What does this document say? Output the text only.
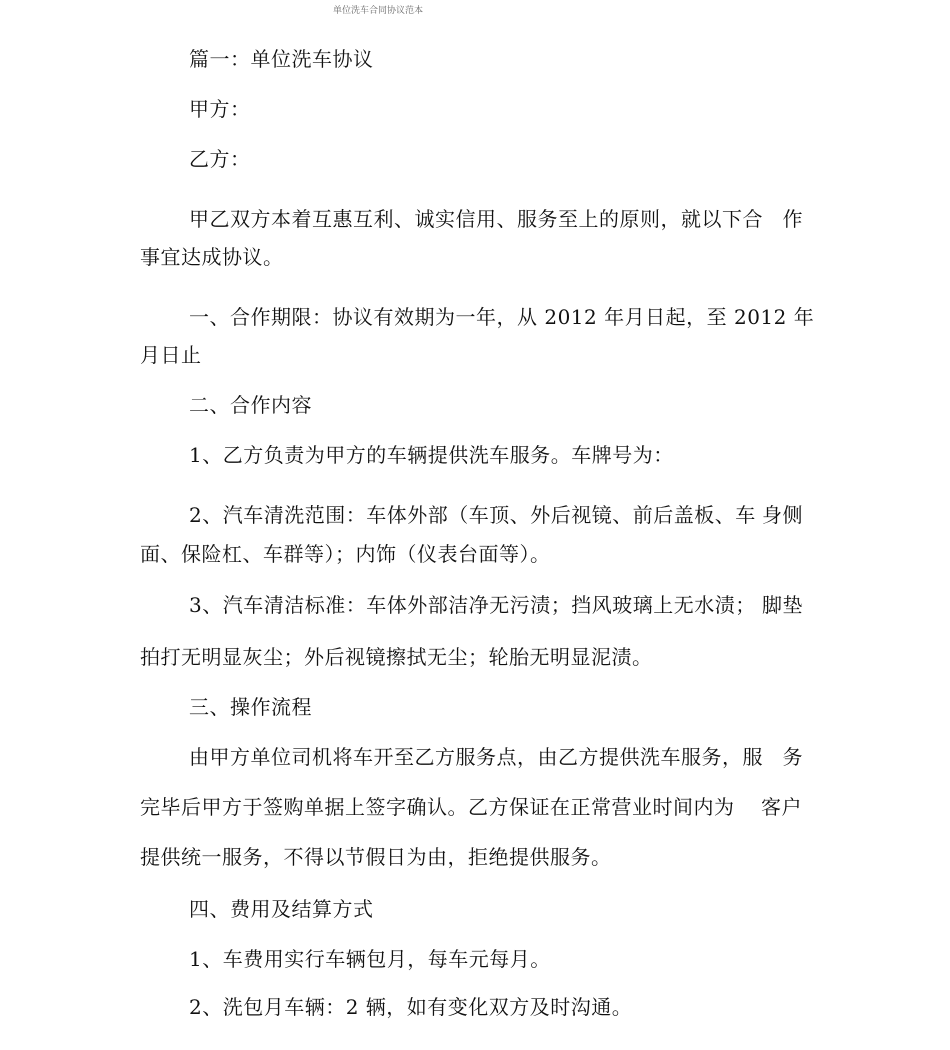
单位洗车合同协议范本
篇一：单位洗车协议
甲方：
乙方：
甲乙双方本着互惠互利、诚实信用、服务至上的原则，就以下合 作
事宜达成协议。
一、合作期限：协议有效期为一年，从 2012 年月日起，至 2012 年
月日止
二、合作内容
1、乙方负责为甲方的车辆提供洗车服务。车牌号为：
2、汽车清洗范围：车体外部（车顶、外后视镜、前后盖板、车 身侧
面、保险杠、车群等）；内饰（仪表台面等）。
3、汽车清洁标准：车体外部洁净无污渍；挡风玻璃上无水渍； 脚垫
拍打无明显灰尘；外后视镜擦拭无尘；轮胎无明显泥渍。
三、操作流程
由甲方单位司机将车开至乙方服务点，由乙方提供洗车服务，服 务
完毕后甲方于签购单据上签字确认。乙方保证在正常营业时间内为 客户
提供统一服务，不得以节假日为由，拒绝提供服务。
四、费用及结算方式
1、车费用实行车辆包月，每车元每月。
2、洗包月车辆：2 辆，如有变化双方及时沟通。
